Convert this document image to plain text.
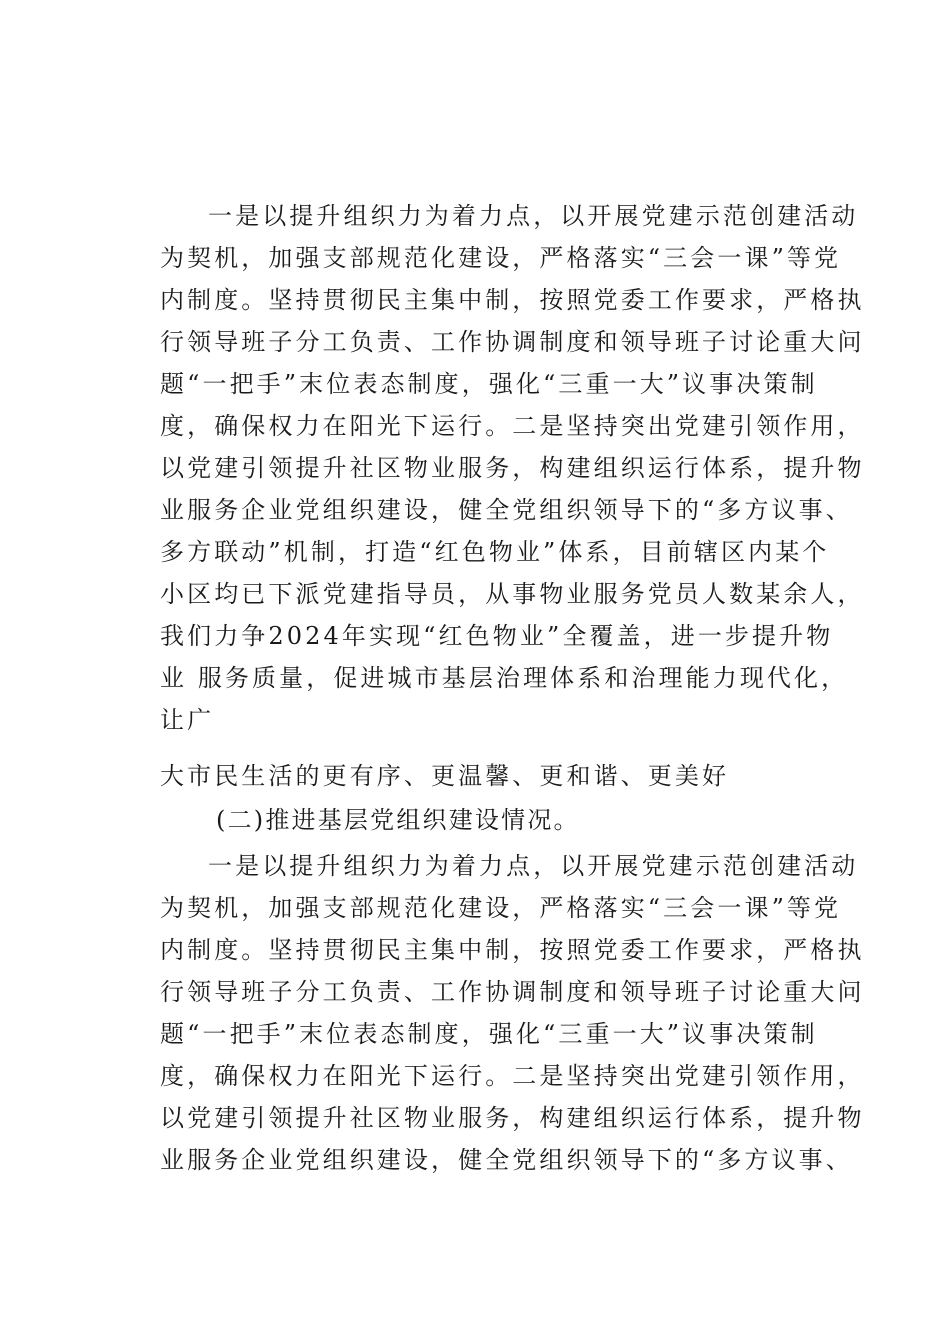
一是以提升组织力为着力点，以开展党建示范创建活动
为契机，加强支部规范化建设，严格落实“三会一课”等党
内制度。坚持贯彻民主集中制，按照党委工作要求，严格执
行领导班子分工负责、工作协调制度和领导班子讨论重大问
题“一把手”末位表态制度，强化“三重一大”议事决策制
度，确保权力在阳光下运行。二是坚持突出党建引领作用，
以党建引领提升社区物业服务，构建组织运行体系，提升物
业服务企业党组织建设，健全党组织领导下的“多方议事、
多方联动”机制，打造“红色物业”体系，目前辖区内某个
小区均已下派党建指导员，从事物业服务党员人数某余人，
我们力争2024年实现“红色物业”全覆盖，进一步提升物
业 服务质量，促进城市基层治理体系和治理能力现代化，
让广
大市民生活的更有序、更温馨、更和谐、更美好
(二)推进基层党组织建设情况。
一是以提升组织力为着力点，以开展党建示范创建活动
为契机，加强支部规范化建设，严格落实“三会一课”等党
内制度。坚持贯彻民主集中制，按照党委工作要求，严格执
行领导班子分工负责、工作协调制度和领导班子讨论重大问
题“一把手”末位表态制度，强化“三重一大”议事决策制
度，确保权力在阳光下运行。二是坚持突出党建引领作用，
以党建引领提升社区物业服务，构建组织运行体系，提升物
业服务企业党组织建设，健全党组织领导下的“多方议事、
